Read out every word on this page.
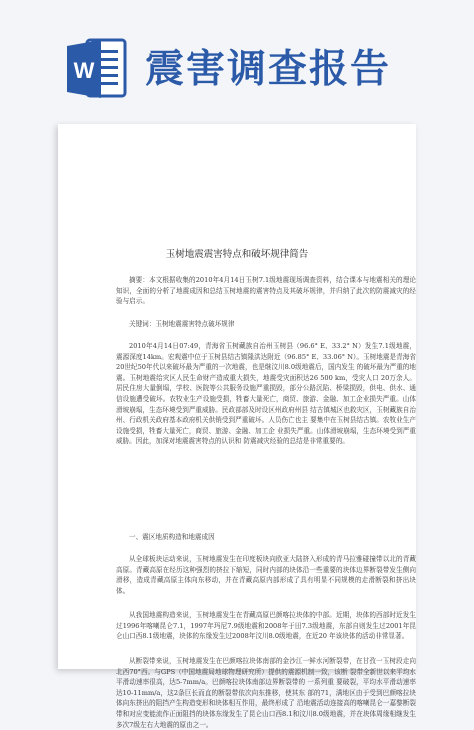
W 震害调查报告
玉树地震震害特点和破坏规律简告

摘要：本文根据收集的2010年4月14日玉树7.1级地震现场调查资料，结合课本与地震相关的理论知识，全面的分析了地震成因和总结玉树地震的震害特点及其破坏规律，并归纳了此次的防震减灾的经验与启示。

关键词：玉树地震震害特点破坏规律

2010年4月14日07:49，青海省玉树藏族自治州玉树县（96.6° E、33.2° N）发生7.1级地震，震源深度14km。宏观震中位于玉树县结古镇隆洪达附近（96.85° E、33.06° N）。玉树地震是青海省20世纪50年代以来破坏最为严重的一次地震，也是继汶川8.0级地震后，国内发生 的破坏最为严重的地震。玉树地震给灾区人民生命财产造成重大损失，地震受灾面积达26 500 km，受灾人口 20万余人。居民住房大量倒塌，学校、医院等公共服务设施严重损毁，部分公路沉陷、桥梁损毁，供电、供水、通信设施遭受破坏。农牧业生产设施受损，牲畜大量死亡，商贸、旅游、金融、加工企业损失严重。山体滑坡崩塌，生态环境受到严重威胁。民政部部及时设区州政府州县 结古镇城区也救灾区，玉树藏族自治州、行政机关政府基本政府机关供销受到严重破坏。人员伤亡也主 要集中在玉树县结古镇。农牧业生产设施受损，牲畜大量死亡，商贸、旅游、金融、加工企 业损失严重。山体滑坡崩塌，生态环境受到严重威胁。因此，加深对地震震害特点的认识和 防震减灾经验的总结是非常重要的。

一、震区地质构造和地震成因

从全球板块运动来说，玉树地震发生在印度板块向欧亚大陆挤入形成的青马拉雅碰撞带以北的青藏高原。青藏高原在经历这种强烈的挤拉下缩短，同时内部的块体沿一些重要的块体边界断裂带发生侧向滑移，造成青藏高原主体向东移动，并在青藏高原内部形成了具有明显不同规模的走滑断裂和挤出块体。

从我国地震构造来说，玉树地震发生在青藏高原巴颜喀拉块体的中部。近期，块体的西部时近发生过1996年喀喇昆仑7.1，1997年玛尼7.9级地震和2008年于田7.3级地震，东部自则发生过2001年昆仑山口西8.1级地震，块体的东缘发生过2008年汶川8.0级地震，在近20 年该块体的活动非常显著。

从断裂带来说，玉树地震发生在巴颜喀拉块体南部的金沙江一鲜水河断裂带，在甘孜一玉树段走向北西70°西。与GPS（中国地震局地球物理研究所）提供的震源机制一致，该断 裂带全新世以来平均水平滑动速率很高，达5-7mm/a。巴颜喀拉块体南部边界断裂带的 一系列重 要破裂，平均水平滑动速率达10-11mm/a，这2条巨长而直的断裂带依次向东推移，使其东 部的71，满地区由于受到巴颜喀拉块体向东挤出的阻挡产生构造变形和块体相互作用，最终形成了 沿地震活动连接高的喀喇昆仑一嘉黎断裂带和对应变能流作正面阻挡的块体东缘发生了昆仑山口西8.1和汶川8.0级地震，并在块体周缘相继发生多次7级左右大地震的原由之一。
